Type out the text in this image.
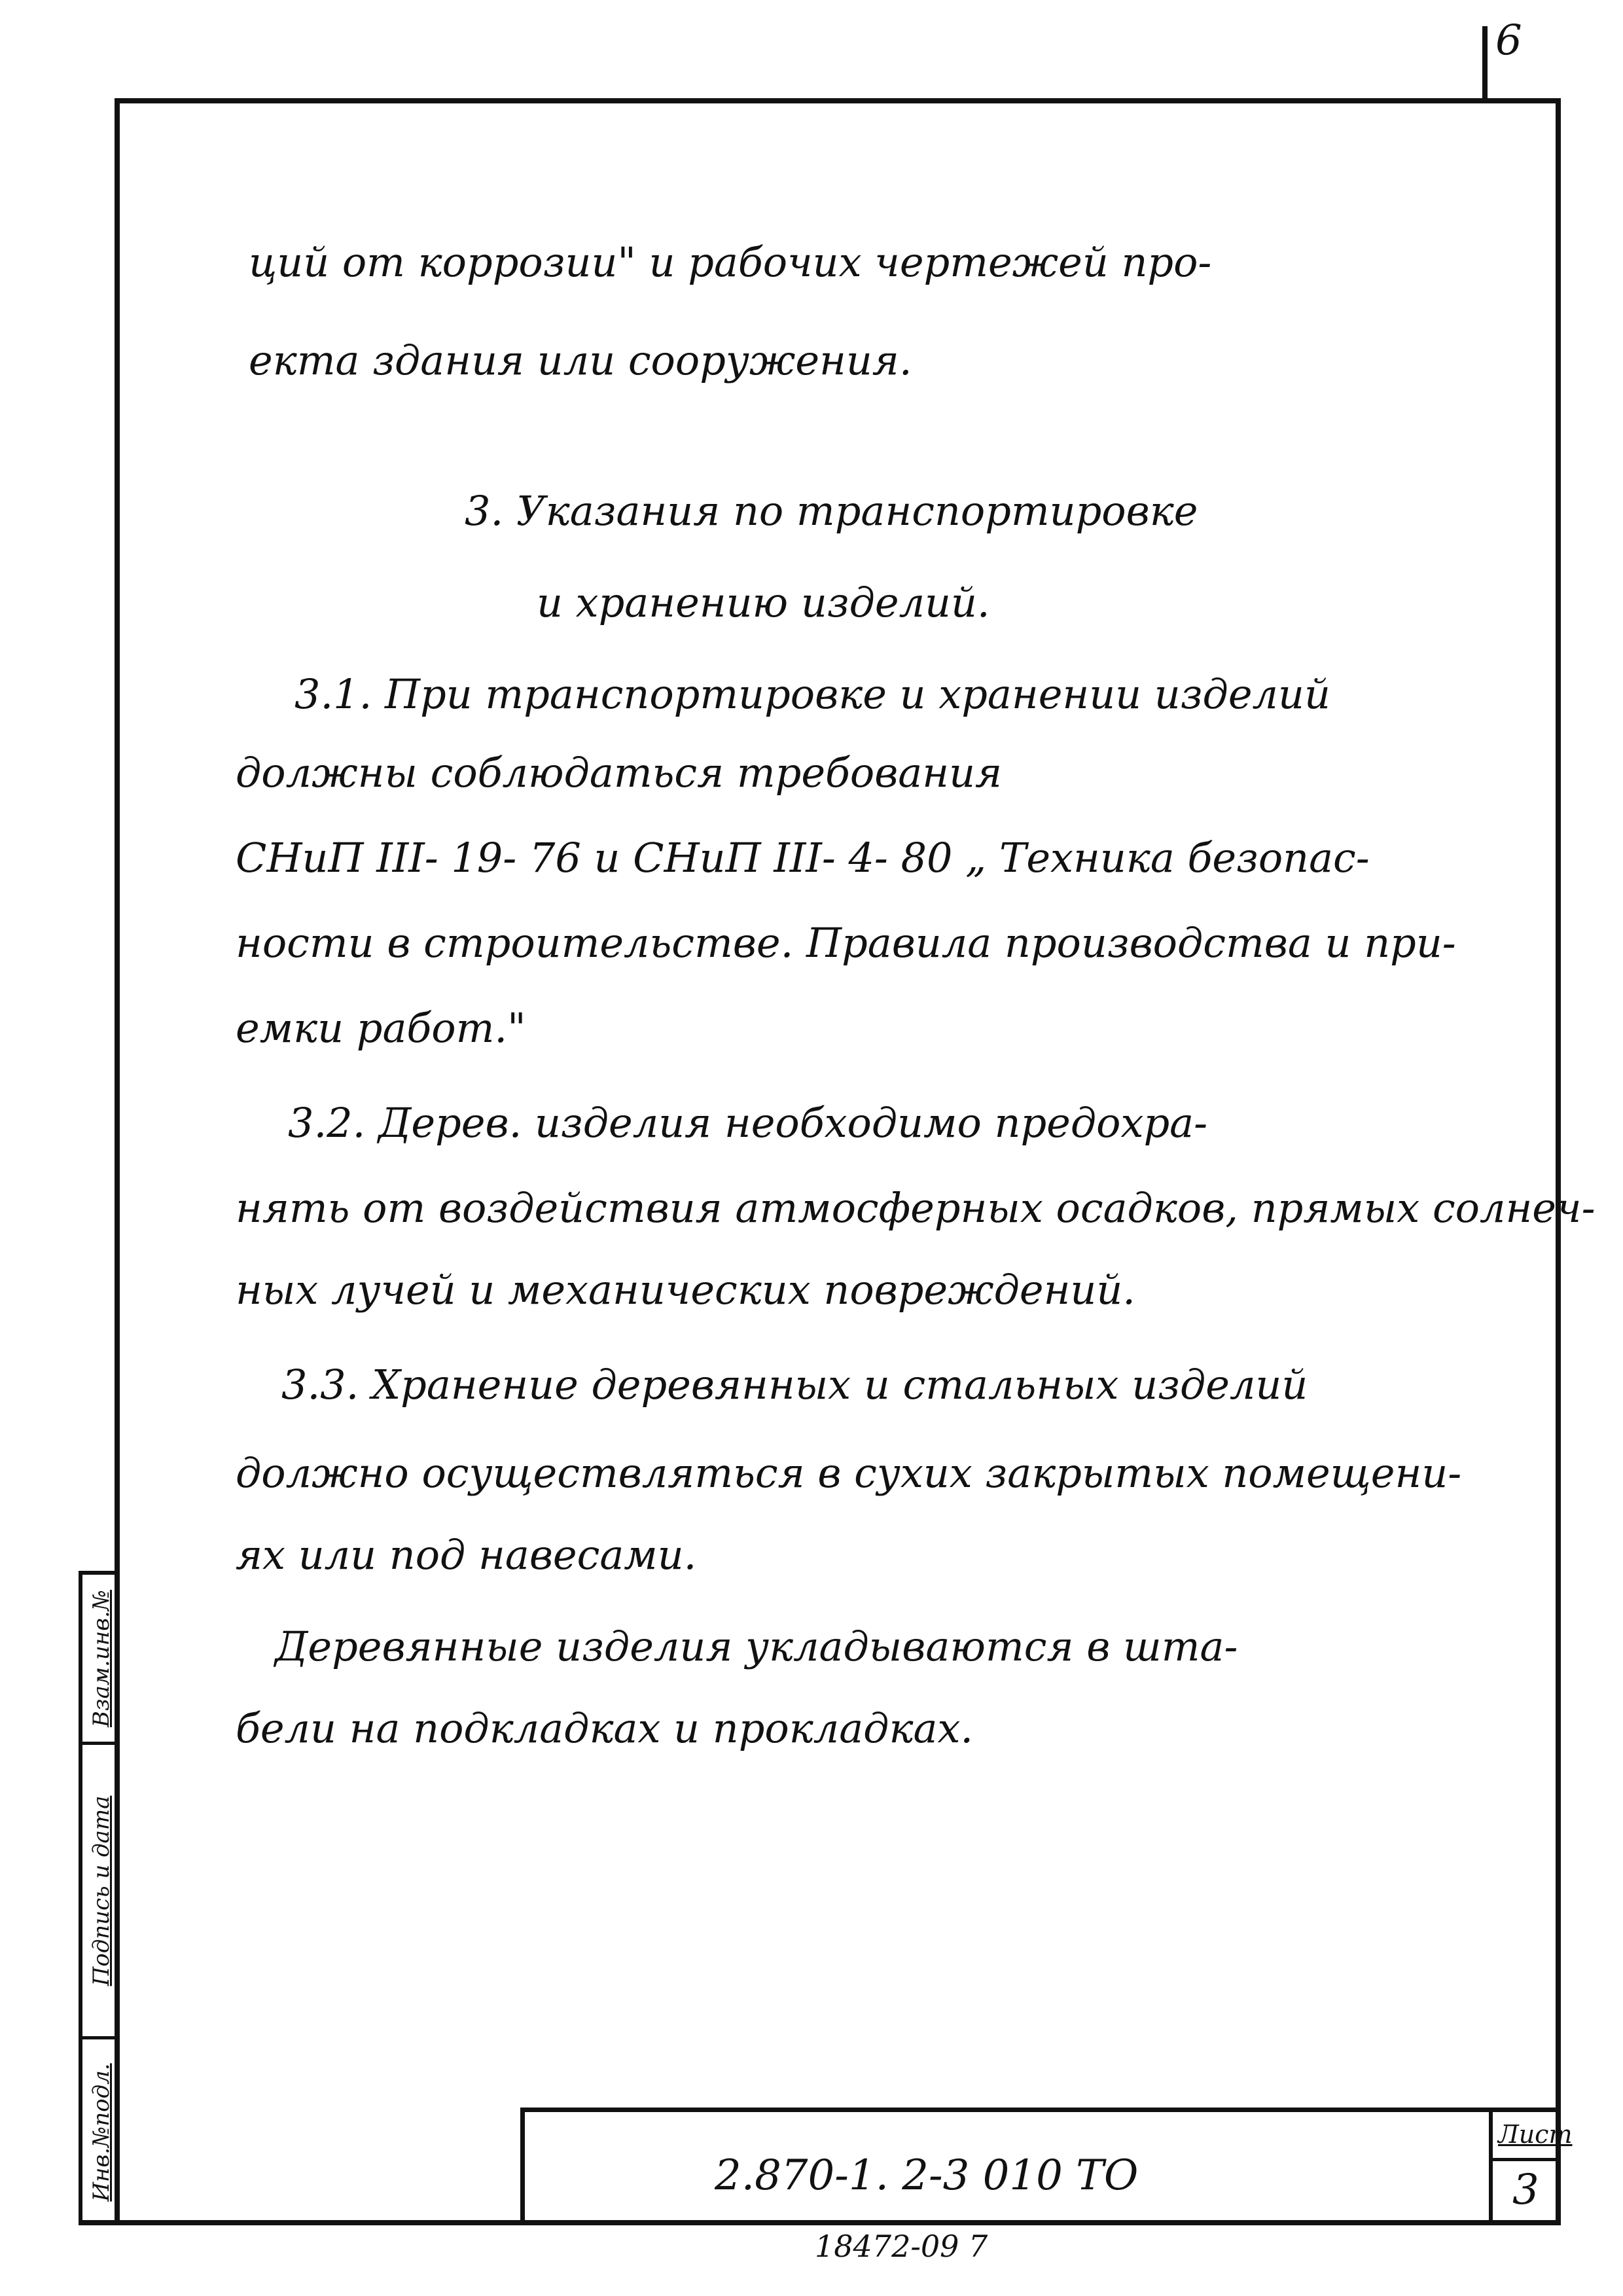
6
Взам.инв.№
Подпись и дата
Инв.№подл.
ций от коррозии" и рабочих чертежей про-
екта здания или сооружения.
3. Указания по транспортировке
и хранению изделий.
3.1. При транспортировке и хранении изделий
должны соблюдаться требования
СНиП III- 19- 76 и СНиП III- 4- 80 „ Техника безопас-
ности в строительстве. Правила производства и при-
емки работ."
3.2. Дерев. изделия необходимо предохра-
нять от воздействия атмосферных осадков, прямых солнеч-
ных лучей и механических повреждений.
3.3. Хранение деревянных и стальных изделий
должно осуществляться в сухих закрытых помещени-
ях или под навесами.
Деревянные изделия укладываются в шта-
бели на подкладках и прокладках.
2.870-1. 2-3 010 ТО
Лист
3
18472-09 7
